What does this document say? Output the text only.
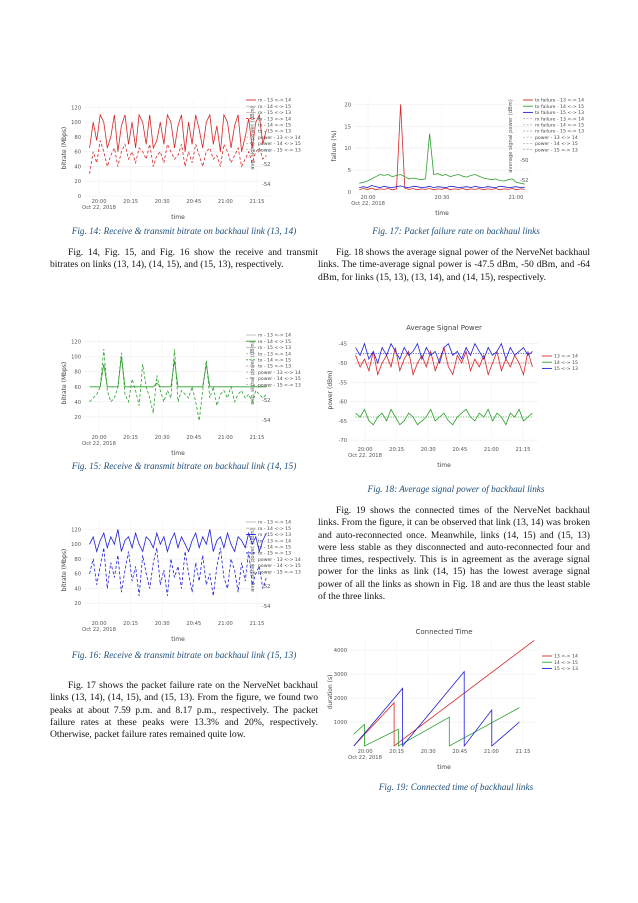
0
20
40
60
80
100
120
20:00
Oct 22, 2018
20:15	20:30	20:45	21:00	21:15
time
bitrate (Mbps)	avg. signal power (dBm) -52
-54
rx - 13 <-> 14
rx - 14 <-> 15
rx - 15 <-> 13
tx - 13 <-> 14
tx - 14 <-> 15
tx - 15 <-> 13
power - 13 <-> 14
power - 14 <-> 15
power - 15 <-> 13
Fig. 14: Receive & transmit bitrate on backhaul link (13, 14)
20
40
60
80
100
120
20:00
Oct 22, 2018
20:15	20:30	20:45	21:00	21:15
time
bitrate (Mbps)	avg. signal power (dBm) -52
-54
rx - 13 <-> 14
rx - 14 <-> 15
rx - 15 <-> 13
tx - 13 <-> 14
tx - 14 <-> 15
tx - 15 <-> 13
power - 13 <-> 14
power - 14 <-> 15
power - 15 <-> 13
Fig. 15: Receive & transmit bitrate on backhaul link (14, 15)
20
40
60
80
100
120
20:00
Oct 22, 2018
20:15	20:30	20:45	21:00	21:15
time
bitrate (Mbps)	avg. signal power (dBm) -52
-54
rx - 13 <-> 14
rx - 14 <-> 15
rx - 15 <-> 13
tx - 13 <-> 14
tx - 14 <-> 15
tx - 15 <-> 13
power - 13 <-> 14
power - 14 <-> 15
power - 15 <-> 13
Fig. 16: Receive & transmit bitrate on backhaul link (15, 13)
0
5
10
15
20
20:00
Oct 22, 2018
20:30	21:00
time
failure (%)	average signal power (dBm) -50
-52
tx failure - 13 <-> 14
tx failure - 14 <-> 15
tx failure - 15 <-> 13
rx failure - 13 <-> 14
rx failure - 14 <-> 15
rx failure - 15 <-> 13
power - 13 <-> 14
power - 14 <-> 15
power - 15 <-> 13
Fig. 17: Packet failure rate on backhaul links
Average Signal Power
-45
-50
-55
-60
-65
-70
20:00
Oct 22, 2018
20:15	20:30	20:45	21:00	21:15
time
power (dBm)
13 <-> 14
14 <-> 15
15 <-> 13
Fig. 18: Average signal power of backhaul links
Connected Time
1000
2000
3000
4000
20:00
Oct 22, 2018
20:15	20:30	20:45	21:00	21:15
time
duration (s)
13 <-> 14
14 <-> 15
15 <-> 13
Fig. 19: Connected time of backhaul links

Fig. 14, Fig. 15, and Fig. 16 show the receive and transmit bitrates on links (13, 14), (14, 15), and (15, 13), respectively.

Fig. 17 shows the packet failure rate on the NerveNet backhaul links (13, 14), (14, 15), and (15, 13). From the figure, we found two peaks at about 7.59 p.m. and 8.17 p.m., respectively. The packet failure rates at these peaks were 13.3% and 20%, respectively. Otherwise, packet failure rates remained quite low.

Fig. 18 shows the average signal power of the NerveNet backhaul links. The time-average signal power is -47.5 dBm, -50 dBm, and -64 dBm, for links (15, 13), (13, 14), and (14, 15), respectively.

Fig. 19 shows the connected times of the NerveNet backhaul links. From the figure, it can be observed that link (13, 14) was broken and auto-reconnected once. Meanwhile, links (14, 15) and (15, 13) were less stable as they disconnected and auto-reconnected four and three times, respectively. This is in agreement as the average signal power for the links as link (14, 15) has the lowest average signal power of all the links as shown in Fig. 18 and are thus the least stable of the three links.
